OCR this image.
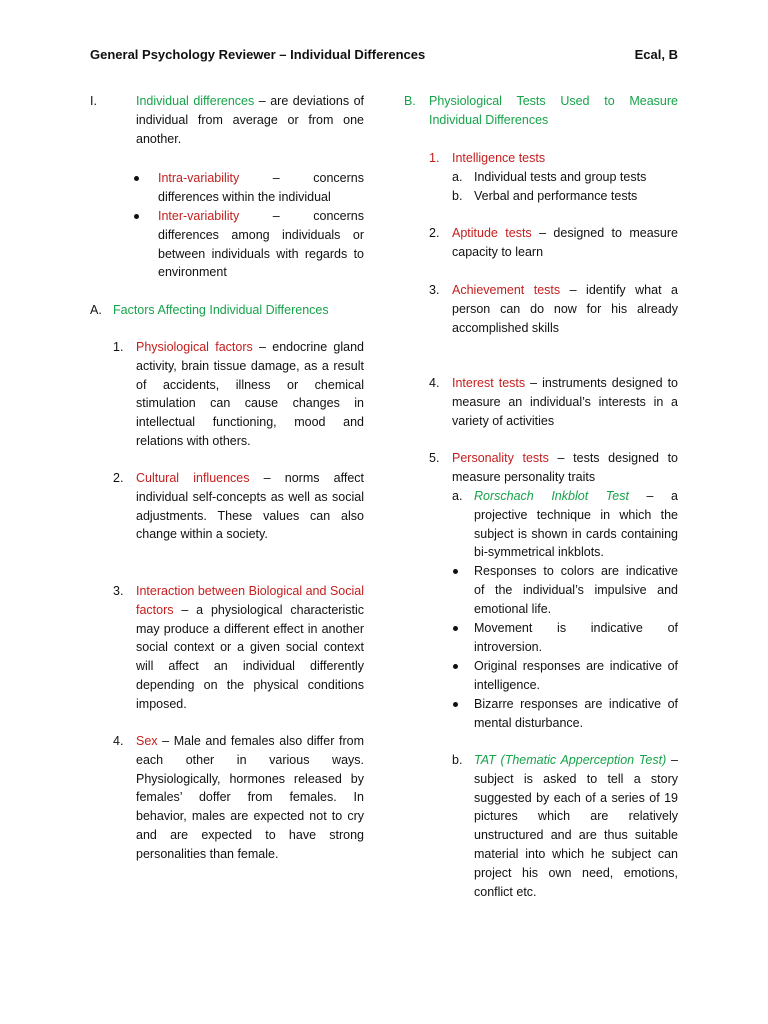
General Psychology Reviewer – Individual Differences	Ecal, B
I.	Individual differences – are deviations of individual from average or from one another.
Intra-variability – concerns differences within the individual
Inter-variability – concerns differences among individuals or between individuals with regards to environment
A. Factors Affecting Individual Differences
1. Physiological factors – endocrine gland activity, brain tissue damage, as a result of accidents, illness or chemical stimulation can cause changes in intellectual functioning, mood and relations with others.
2. Cultural influences – norms affect individual self-concepts as well as social adjustments. These values can also change within a society.
3. Interaction between Biological and Social factors – a physiological characteristic may produce a different effect in another social context or a given social context will affect an individual differently depending on the physical conditions imposed.
4. Sex – Male and females also differ from each other in various ways. Physiologically, hormones released by females’ doffer from females. In behavior, males are expected not to cry and are expected to have strong personalities than female.
B. Physiological Tests Used to Measure Individual Differences
1. Intelligence tests
a. Individual tests and group tests
b. Verbal and performance tests
2. Aptitude tests – designed to measure capacity to learn
3. Achievement tests – identify what a person can do now for his already accomplished skills
4. Interest tests – instruments designed to measure an individual’s interests in a variety of activities
5. Personality tests – tests designed to measure personality traits
a. Rorschach Inkblot Test – a projective technique in which the subject is shown in cards containing bi-symmetrical inkblots.
Responses to colors are indicative of the individual’s impulsive and emotional life.
Movement is indicative of introversion.
Original responses are indicative of intelligence.
Bizarre responses are indicative of mental disturbance.
b. TAT (Thematic Apperception Test) – subject is asked to tell a story suggested by each of a series of 19 pictures which are relatively unstructured and are thus suitable material into which he subject can project his own need, emotions, conflict etc.
